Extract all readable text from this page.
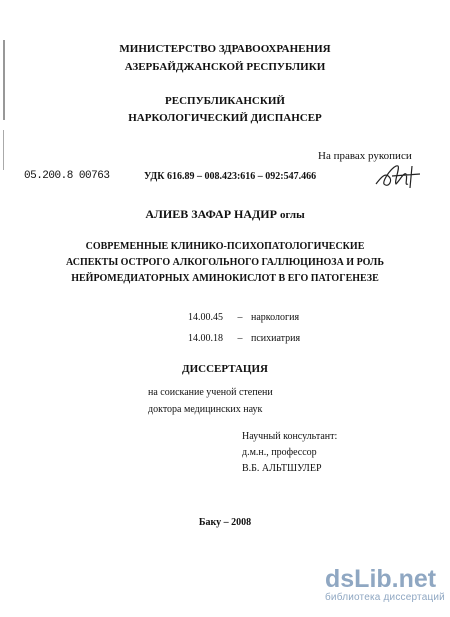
МИНИСТЕРСТВО ЗДРАВООХРАНЕНИЯ
АЗЕРБАЙДЖАНСКОЙ РЕСПУБЛИКИ
РЕСПУБЛИКАНСКИЙ
НАРКОЛОГИЧЕСКИЙ ДИСПАНСЕР
На правах рукописи
05.200.8 00763	УДК 616.89 – 008.423:616 – 092:547.466
АЛИЕВ ЗАФАР НАДИР оглы
СОВРЕМЕННЫЕ КЛИНИКО-ПСИХОПАТОЛОГИЧЕСКИЕ
АСПЕКТЫ ОСТРОГО АЛКОГОЛЬНОГО ГАЛЛЮЦИНОЗА И РОЛЬ
НЕЙРОМЕДИАТОРНЫХ АМИНОКИСЛОТ В ЕГО ПАТОГЕНЕЗЕ
14.00.45 – наркология
14.00.18 – психиатрия
ДИССЕРТАЦИЯ
на соискание ученой степени
доктора медицинских наук
Научный консультант:
д.м.н., профессор
В.Б. АЛЬТШУЛЕР
Баку – 2008
dsLib.net
библиотека диссертаций
